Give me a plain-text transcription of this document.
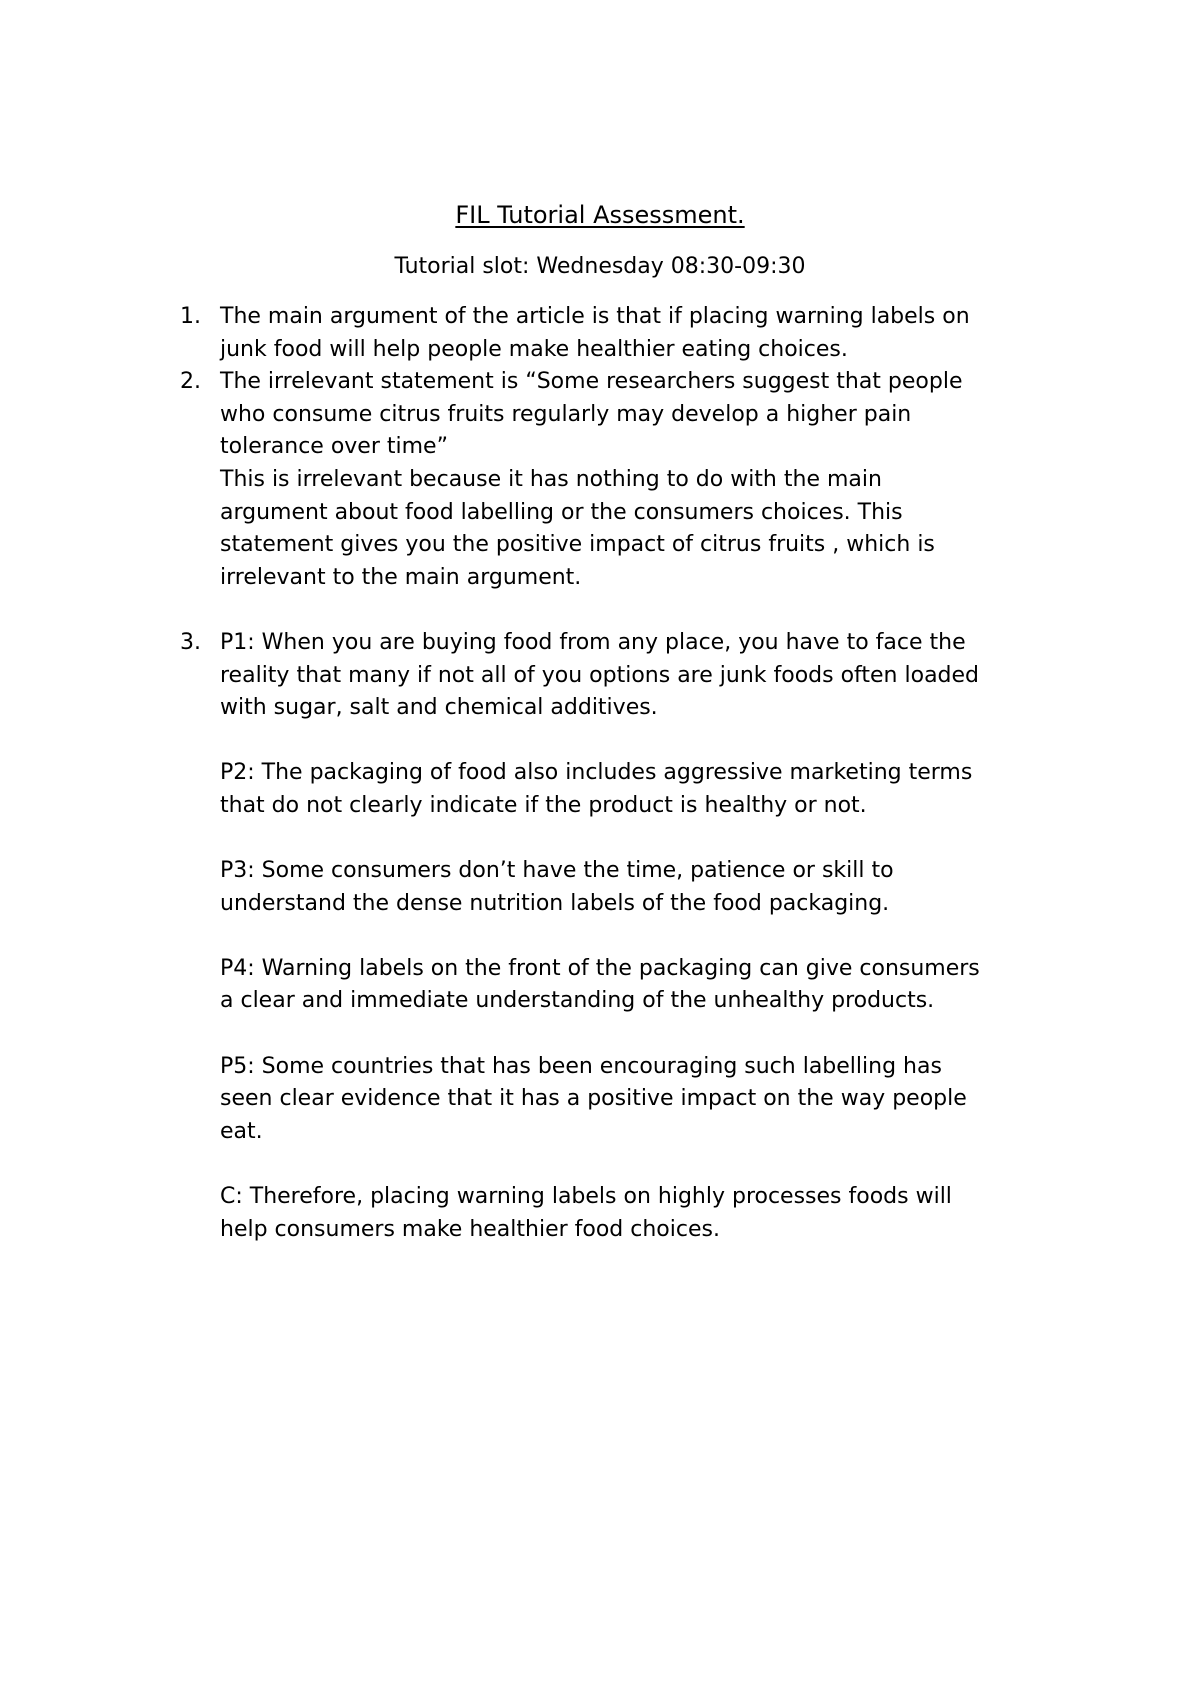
FIL Tutorial Assessment.
Tutorial slot: Wednesday 08:30-09:30
1. The main argument of the article is that if placing warning labels on
junk food will help people make healthier eating choices.

2. The irrelevant statement is “Some researchers suggest that people
who consume citrus fruits regularly may develop a higher pain
tolerance over time”
This is irrelevant because it has nothing to do with the main
argument about food labelling or the consumers choices. This
statement gives you the positive impact of citrus fruits , which is
irrelevant to the main argument.

3. P1: When you are buying food from any place, you have to face the
reality that many if not all of you options are junk foods often loaded
with sugar, salt and chemical additives.

P2: The packaging of food also includes aggressive marketing terms
that do not clearly indicate if the product is healthy or not.

P3: Some consumers don’t have the time, patience or skill to
understand the dense nutrition labels of the food packaging.

P4: Warning labels on the front of the packaging can give consumers
a clear and immediate understanding of the unhealthy products.

P5: Some countries that has been encouraging such labelling has
seen clear evidence that it has a positive impact on the way people
eat.

C: Therefore, placing warning labels on highly processes foods will
help consumers make healthier food choices.
